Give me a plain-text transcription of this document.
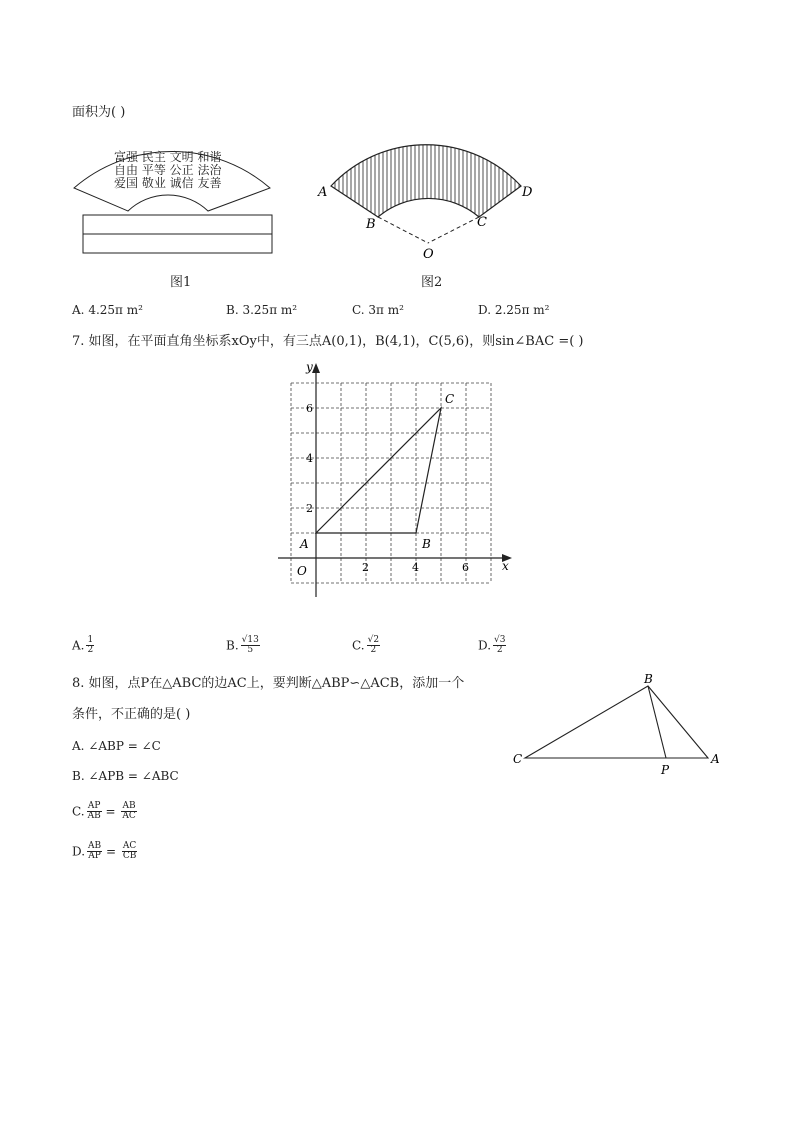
面积为( )
富强 民主 文明 和谐
自由 平等 公正 法治
爱国 敬业 诚信 友善
图1
A
B	C
D
O
图2
A. 4.25π m²	B. 3.25π m²	C. 3π m²	D. 2.25π m²
7. 如图，在平面直角坐标系xOy中，有三点A(0,1)，B(4,1)，C(5,6)，则sin∠BAC =( )
x
y
O	2	4	6
2
4
6
A	B
C
A. $\frac{1}{2}$	B. $\frac{√13}{5}$	C. $\frac{√2}{2}$	D. $\frac{√3}{2}$
8. 如图，点P在△ABC的边AC上，要判断△ABP∽△ACB，添加一个
条件，不正确的是( )
A. ∠ABP = ∠C
B. ∠APB = ∠ABC
C. $\frac{AP}{AB} = \frac{AB}{AC}$
D. $\frac{AB}{AP} = \frac{AC}{CB}$
B
C	A
P
